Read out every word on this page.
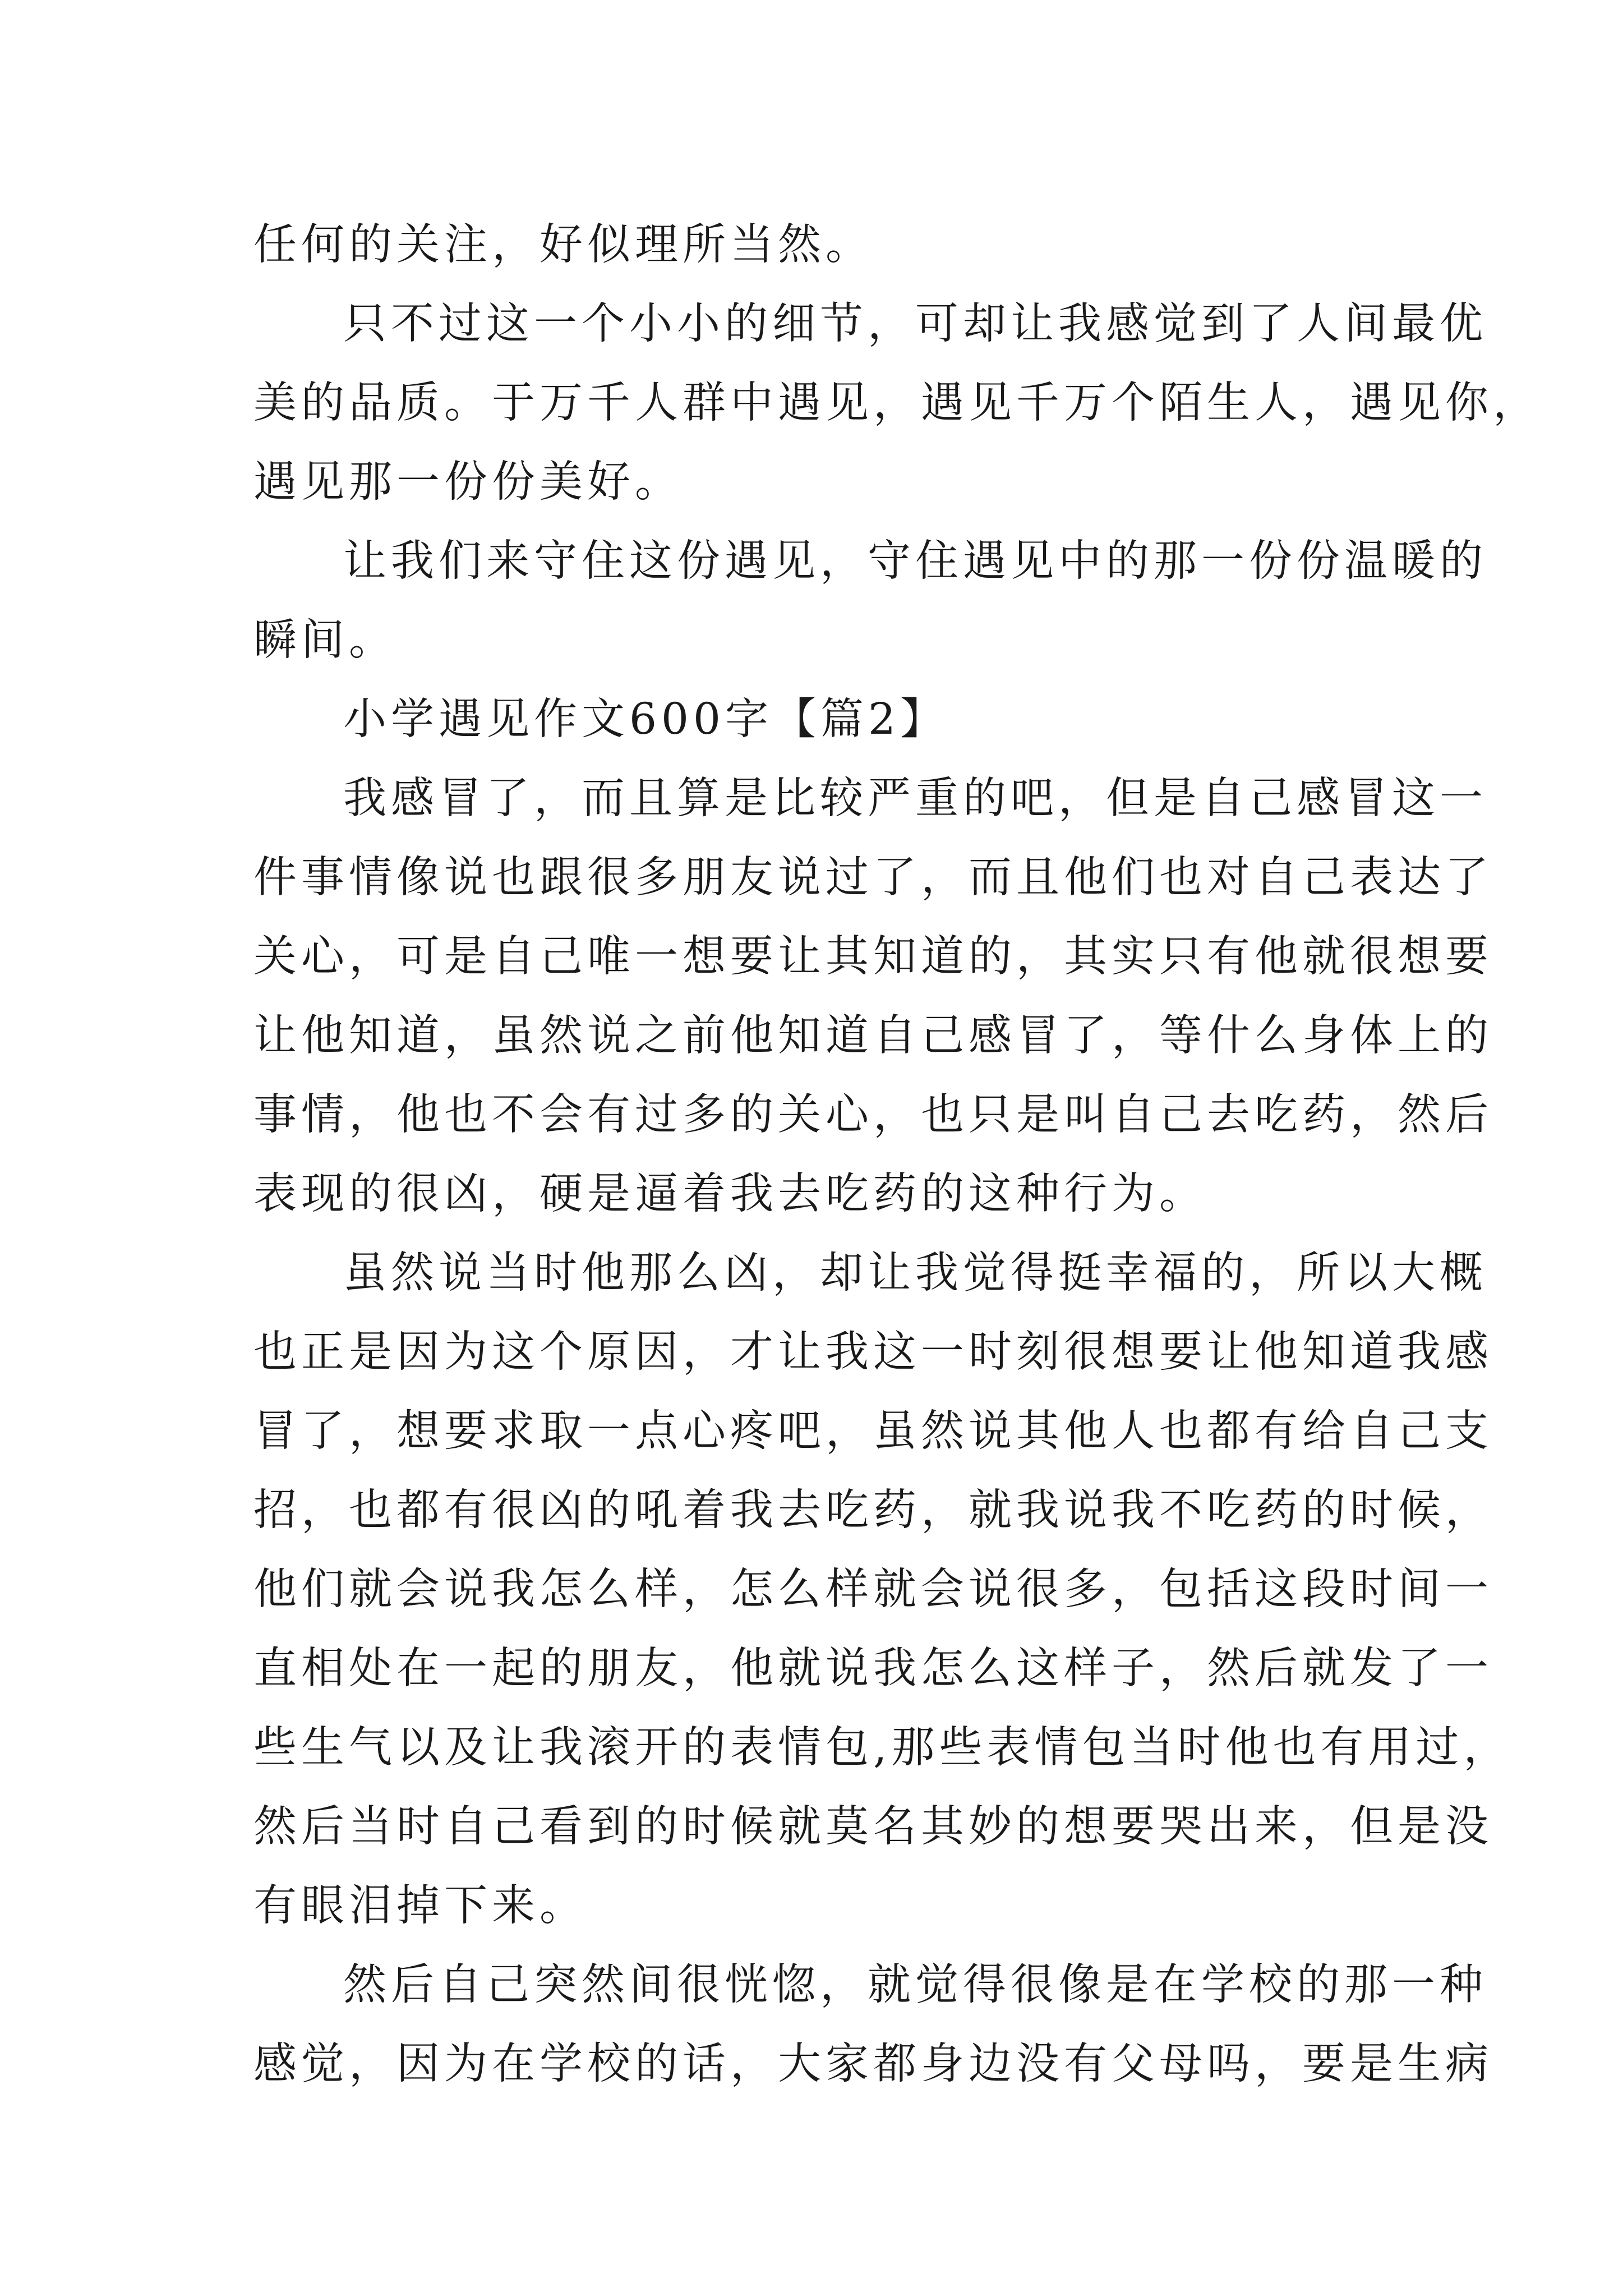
任何的关注，好似理所当然。
只不过这一个小小的细节，可却让我感觉到了人间最优
美的品质。于万千人群中遇见，遇见千万个陌生人，遇见你，
遇见那一份份美好。
让我们来守住这份遇见，守住遇见中的那一份份温暖的
瞬间。
小学遇见作文600字【篇2】
我感冒了，而且算是比较严重的吧，但是自己感冒这一
件事情像说也跟很多朋友说过了，而且他们也对自己表达了
关心，可是自己唯一想要让其知道的，其实只有他就很想要
让他知道，虽然说之前他知道自己感冒了，等什么身体上的
事情，他也不会有过多的关心，也只是叫自己去吃药，然后
表现的很凶，硬是逼着我去吃药的这种行为。
虽然说当时他那么凶，却让我觉得挺幸福的，所以大概
也正是因为这个原因，才让我这一时刻很想要让他知道我感
冒了，想要求取一点心疼吧，虽然说其他人也都有给自己支
招，也都有很凶的吼着我去吃药，就我说我不吃药的时候，
他们就会说我怎么样，怎么样就会说很多，包括这段时间一
直相处在一起的朋友，他就说我怎么这样子，然后就发了一
些生气以及让我滚开的表情包,那些表情包当时他也有用过，
然后当时自己看到的时候就莫名其妙的想要哭出来，但是没
有眼泪掉下来。
然后自己突然间很恍惚，就觉得很像是在学校的那一种
感觉，因为在学校的话，大家都身边没有父母吗，要是生病
